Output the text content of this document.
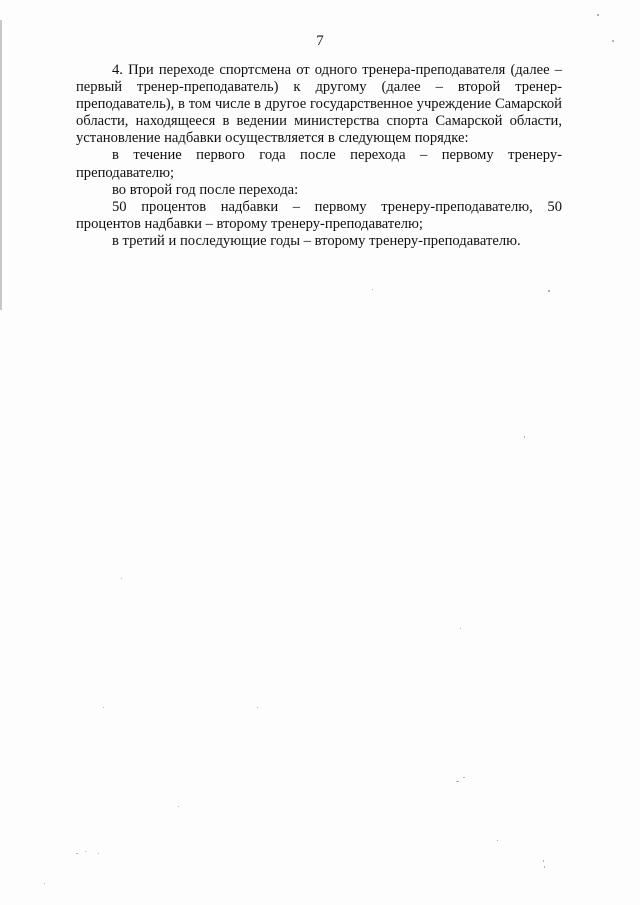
7

4. При переходе спортсмена от одного тренера-преподавателя (далее – первый тренер-преподаватель) к другому (далее – второй тренер-преподаватель), в том числе в другое государственное учреждение Самарской области, находящееся в ведении министерства спорта Самарской области, установление надбавки осуществляется в следующем порядке:

в течение первого года после перехода – первому тренеру-преподавателю;

во второй год после перехода:

50 процентов надбавки – первому тренеру-преподавателю, 50 процентов надбавки – второму тренеру-преподавателю;

в третий и последующие годы – второму тренеру-преподавателю.
